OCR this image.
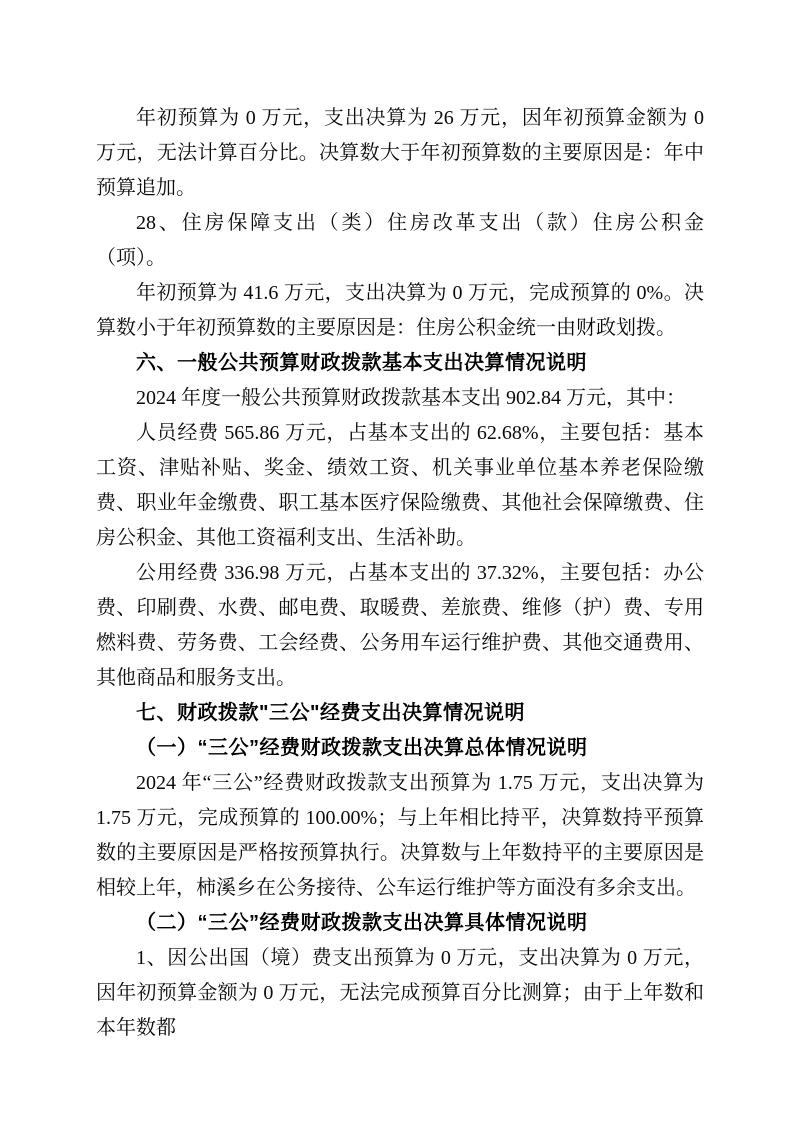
年初预算为 0 万元，支出决算为 26 万元，因年初预算金额为 0 万元，无法计算百分比。决算数大于年初预算数的主要原因是：年中预算追加。

28、住房保障支出（类）住房改革支出（款）住房公积金（项）。

年初预算为 41.6 万元，支出决算为 0 万元，完成预算的 0%。决算数小于年初预算数的主要原因是：住房公积金统一由财政划拨。

六、一般公共预算财政拨款基本支出决算情况说明

2024 年度一般公共预算财政拨款基本支出 902.84 万元，其中：

人员经费 565.86 万元，占基本支出的 62.68%，主要包括：基本工资、津贴补贴、奖金、绩效工资、机关事业单位基本养老保险缴费、职业年金缴费、职工基本医疗保险缴费、其他社会保障缴费、住房公积金、其他工资福利支出、生活补助。

公用经费 336.98 万元，占基本支出的 37.32%，主要包括：办公费、印刷费、水费、邮电费、取暖费、差旅费、维修（护）费、专用燃料费、劳务费、工会经费、公务用车运行维护费、其他交通费用、其他商品和服务支出。

七、财政拨款"三公"经费支出决算情况说明

（一）“三公”经费财政拨款支出决算总体情况说明

2024 年“三公”经费财政拨款支出预算为 1.75 万元，支出决算为 1.75 万元，完成预算的 100.00%；与上年相比持平，决算数持平预算数的主要原因是严格按预算执行。决算数与上年数持平的主要原因是相较上年，柿溪乡在公务接待、公车运行维护等方面没有多余支出。

（二）“三公”经费财政拨款支出决算具体情况说明

1、因公出国（境）费支出预算为 0 万元，支出决算为 0 万元，因年初预算金额为 0 万元，无法完成预算百分比测算；由于上年数和本年数都
